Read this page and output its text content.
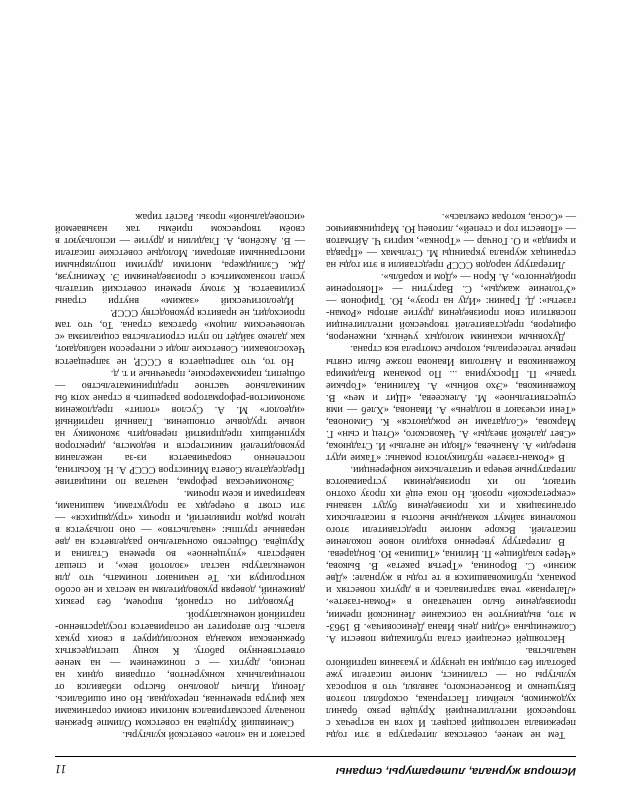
11	История журнала, литературы, страны

Тем не менее, советская литература в эти годы переживала настоящий расцвет. И хотя на встречах с творческой интеллигенцией Хрущёв резко бранил художников, клеймил Пастернака, оскорблял поэтов Евтушенко и Вознесенского, заявлял, что в вопросах культуры он — сталинист, многие писатели уже работали без оглядки на цензуру и указания партийного начальства.

Настоящей сенсацией стала публикация повести А. Солженицына «Один день Ивана Денисовича». В 1963-м это, выдвинутое на соискание Ленинской премии, произведение было напечатано в «Роман-газете». «Лагерная» тема затрагивалась и в других повестях и романах, публиковавшихся в те годы в журнале: «Две жизни» С. Воронина, «Третья ракета» В. Быкова, «Через кладбище» П. Нилина, «Тишина» Ю. Бондарева.

В литературу уверенно входило новое поколение писателей. Вскоре многие представители этого поколения займут командные высоты в писательских организациях и их произведения будут названы «секретарской» прозой. Но пока ещё их прозу охотно читают, по их произведениям устраиваются литературные вечера и читательские конференции.

В «Роман-газете» публикуются романы: «Такие идут впереди» А. Ананьева, «Люди не ангелы» И. Стаднюка, «Свет далёкой звезды» А. Чаковского, «Отец и сын» Г. Маркова, «Солдатами не рождаются» К. Симонова, «Тени исчезают в полдень» А. Иванова, «Хлеб — имя существительное» М. Алексеева, «Щит и меч» В. Кожевникова, «Эхо войны» А. Калинина, «Горькие травы» П. Проскурина ... По романам Владимира Кожевникова и Анатолия Иванова позже были сняты первые телесериалы, которые смотрела вся страна.

Духовным исканиям молодых учёных, инженеров, офицеров, представителей творческой интеллигенции посвятили свои произведения другие авторы «Роман-газеты»: Д. Гранин: «Иду на грозу», Ю. Трифонов — «Утоление жажды», С. Варгутин — «Повторение пройденного», А. Крон — «Дом и корабль».

Литературу народов СССР представили в эти годы на страницах журнала украинцы М. Стельмах — «Правда и кривда» и О. Гончар — «Тронка», киргиз Ч. Айтматов — «Повести гор и степей», литовец Ю. Марцинкявичюс — «Сосна, которая смеялась».

растают и на «поле» советской культуры.

Сменивший Хрущёва на советском Олимпе Брежнев поначалу рассматривался многими своими соратниками как фигура временная, переходная. Но они ошибались. Леонид Ильич довольно быстро избавился от потенциальных конкурентов, отправив одних на пенсию, других — с понижением — на менее ответственную работу. К концу шестидесятых брежневская команда консолидирует в своих руках власть. Его авторитет не оспаривается государственно-партийной номенклатурой.

Руководит он страной, впрочем, без резких движений, доверяя руководителям на местах и не особо контролируя их. Те начинают понимать, что для номенклатуры настал «золотой век», и спешат навёрстать «упущенное» во времена Сталина и Хрущёва. Общество окончательно разделяется на две неравные группы: «начальство» — оно пользуется в целом рядом привилегий, и прочих «трудящихся» — эти стоят в очередях за продуктами, машинами, квартирами и всем прочим.

Экономическая реформа, начатая по инициативе Председателя Совета Министров СССР А. Н. Косыгина, постепенно сворачивается из-за нежелания руководителей министерств и ведомств, директоров крупнейших предприятий переводить экономику на новые трудовые отношения. Главный партийный «идеолог» М. А. Суслов «топит» предложения экономистов-реформаторов разрешить в стране хотя бы минимальное частное предпринимательство — общепит, парикмахерские, прачечные и т. д.

Но то, что запрещается в СССР, не запрещается Чехословакии. Советские люди с интересом наблюдают, как далеко зайдёт по пути строительства социализма «с человеческим лицом» братская страна. То, что там происходит, не нравится руководству СССР.

Идеологический «зажим» внутри страны усиливается. К этому времени советский читатель успел познакомиться с произведениями Э. Хемингуэя, Дж. Сэлинджера, многими другими популярными иностранными авторами. Молодые советские писатели — В. Аксёнов, А. Гладилин и другие — используют в своём творческом приёмы так называемой «исповедальной» прозы. Растёт тираж
